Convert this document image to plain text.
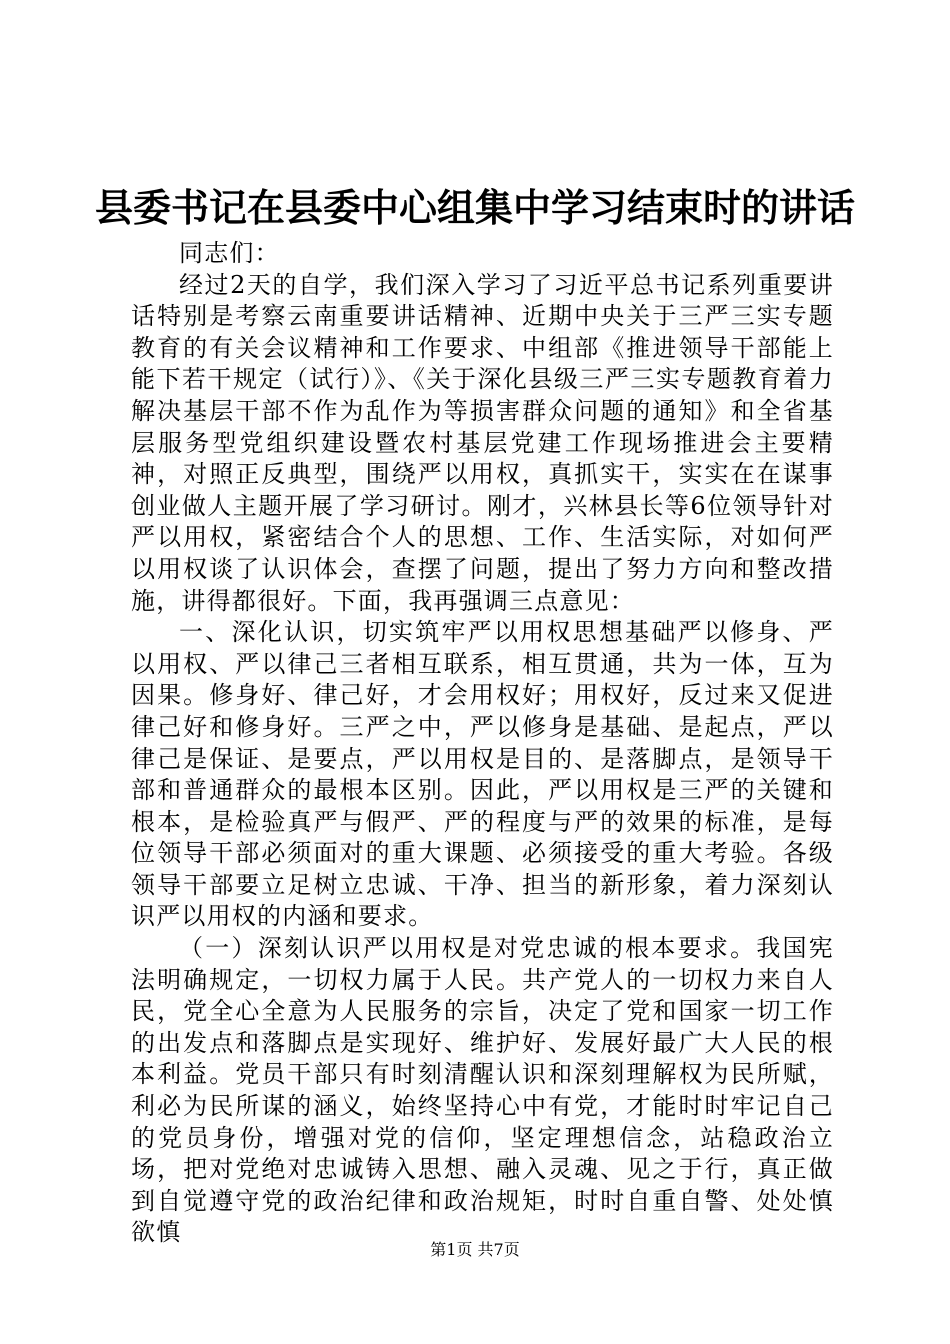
县委书记在县委中心组集中学习结束时的讲话

同志们：

经过2天的自学，我们深入学习了习近平总书记系列重要讲话特别是考察云南重要讲话精神、近期中央关于三严三实专题教育的有关会议精神和工作要求、中组部《推进领导干部能上能下若干规定（试行）》、《关于深化县级三严三实专题教育着力解决基层干部不作为乱作为等损害群众问题的通知》和全省基层服务型党组织建设暨农村基层党建工作现场推进会主要精神，对照正反典型，围绕严以用权，真抓实干，实实在在谋事创业做人主题开展了学习研讨。刚才，兴林县长等6位领导针对严以用权，紧密结合个人的思想、工作、生活实际，对如何严以用权谈了认识体会，查摆了问题，提出了努力方向和整改措施，讲得都很好。下面，我再强调三点意见：

一、深化认识，切实筑牢严以用权思想基础严以修身、严以用权、严以律己三者相互联系，相互贯通，共为一体，互为因果。修身好、律己好，才会用权好；用权好，反过来又促进律己好和修身好。三严之中，严以修身是基础、是起点，严以律己是保证、是要点，严以用权是目的、是落脚点，是领导干部和普通群众的最根本区别。因此，严以用权是三严的关键和根本，是检验真严与假严、严的程度与严的效果的标准，是每位领导干部必须面对的重大课题、必须接受的重大考验。各级领导干部要立足树立忠诚、干净、担当的新形象，着力深刻认识严以用权的内涵和要求。

（一）深刻认识严以用权是对党忠诚的根本要求。我国宪法明确规定，一切权力属于人民。共产党人的一切权力来自人民，党全心全意为人民服务的宗旨，决定了党和国家一切工作的出发点和落脚点是实现好、维护好、发展好最广大人民的根本利益。党员干部只有时刻清醒认识和深刻理解权为民所赋，利必为民所谋的涵义，始终坚持心中有党，才能时时牢记自己的党员身份，增强对党的信仰，坚定理想信念，站稳政治立场，把对党绝对忠诚铸入思想、融入灵魂、见之于行，真正做到自觉遵守党的政治纪律和政治规矩，时时自重自警、处处慎欲慎

第1页 共7页
